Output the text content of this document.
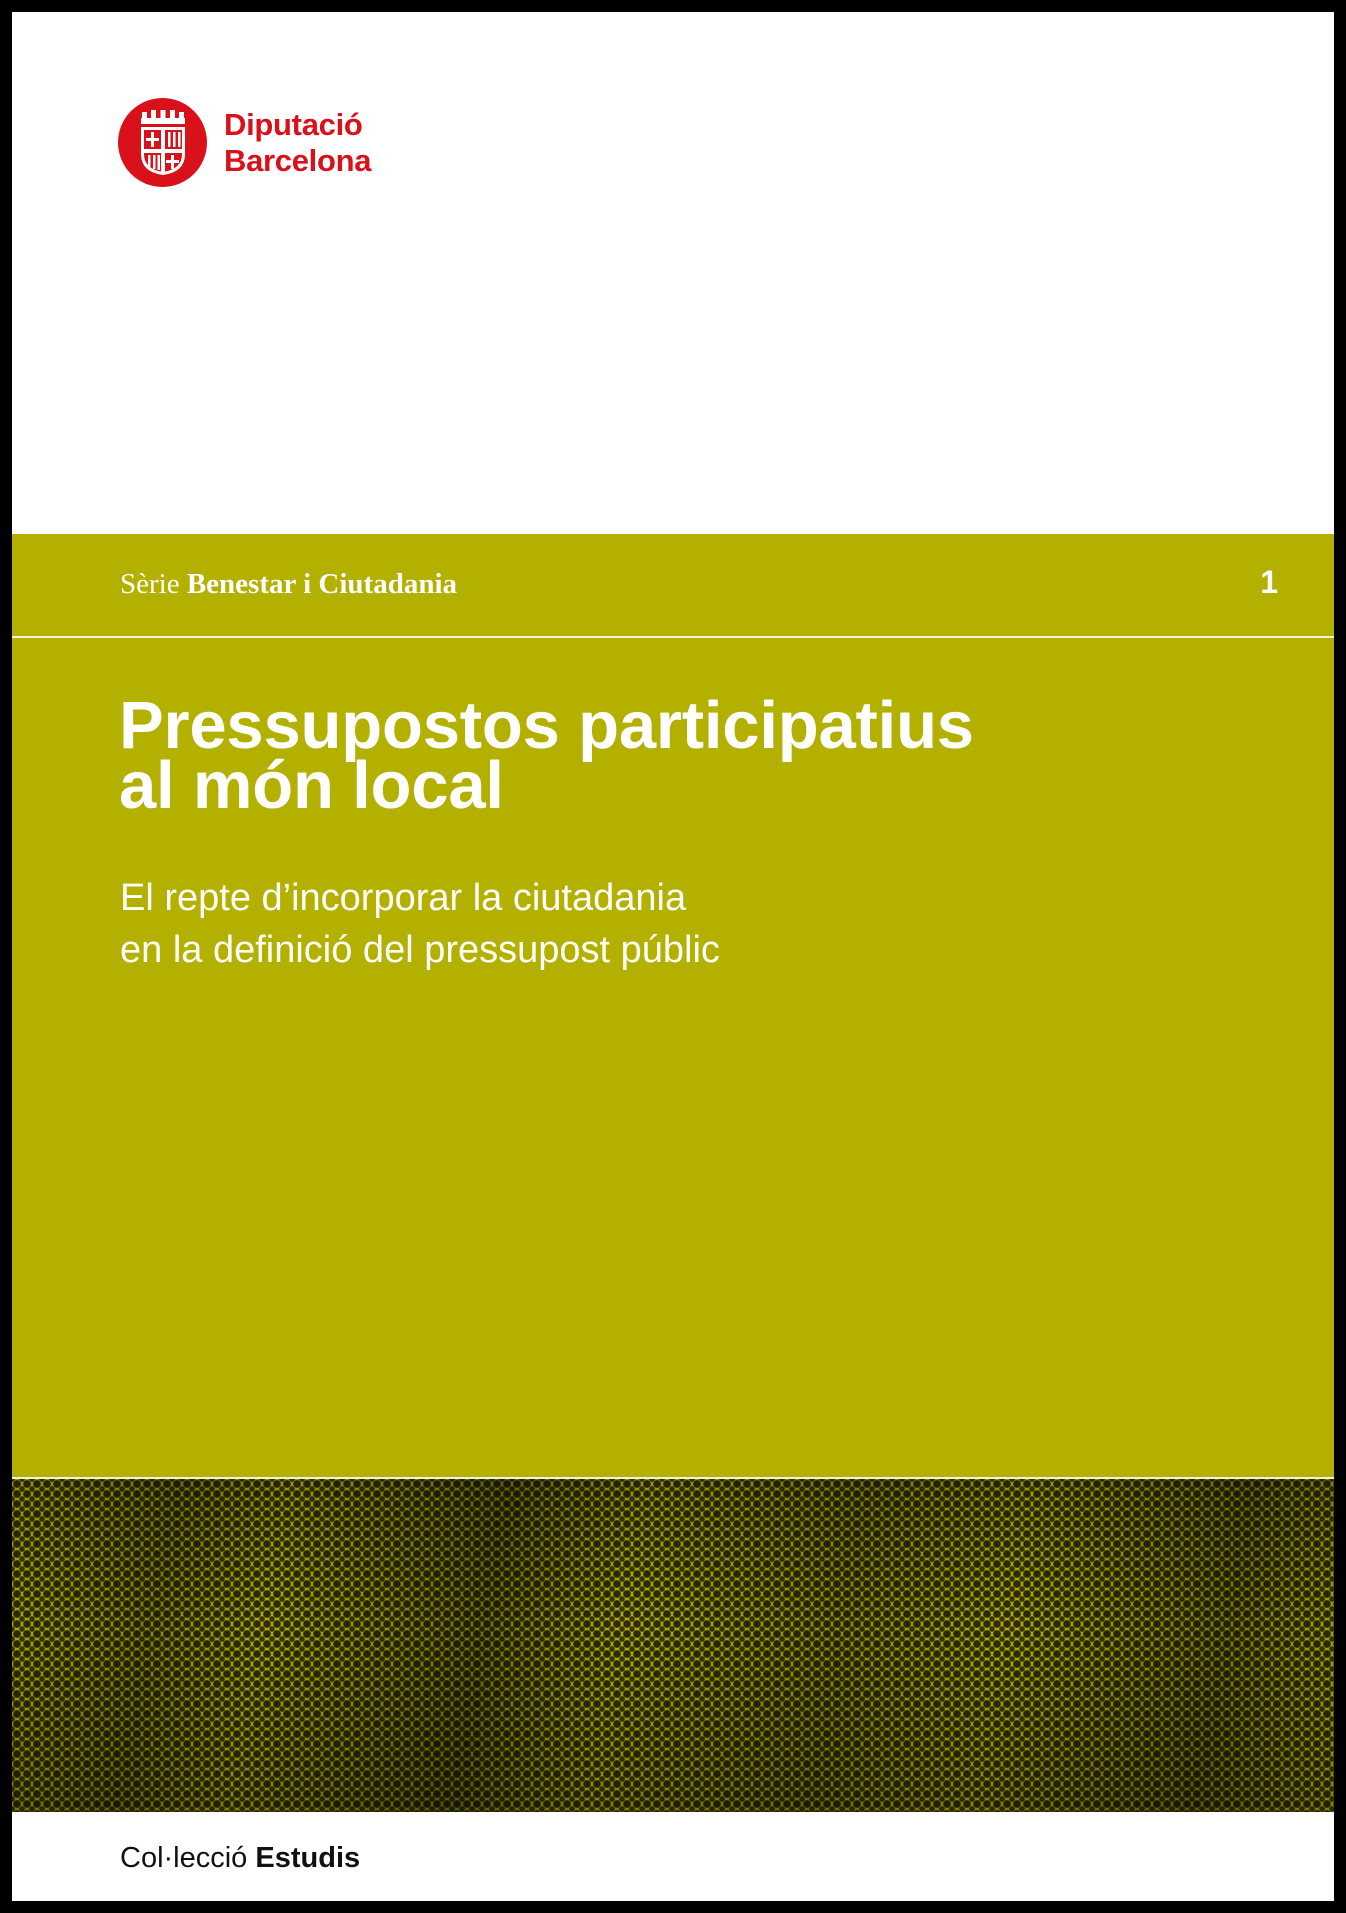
Diputació
Barcelona
Sèrie Benestar i Ciutadania	1
Pressupostos participatius
al món local

El repte d’incorporar la ciutadania
en la definició del pressupost públic

Col·lecció Estudis
